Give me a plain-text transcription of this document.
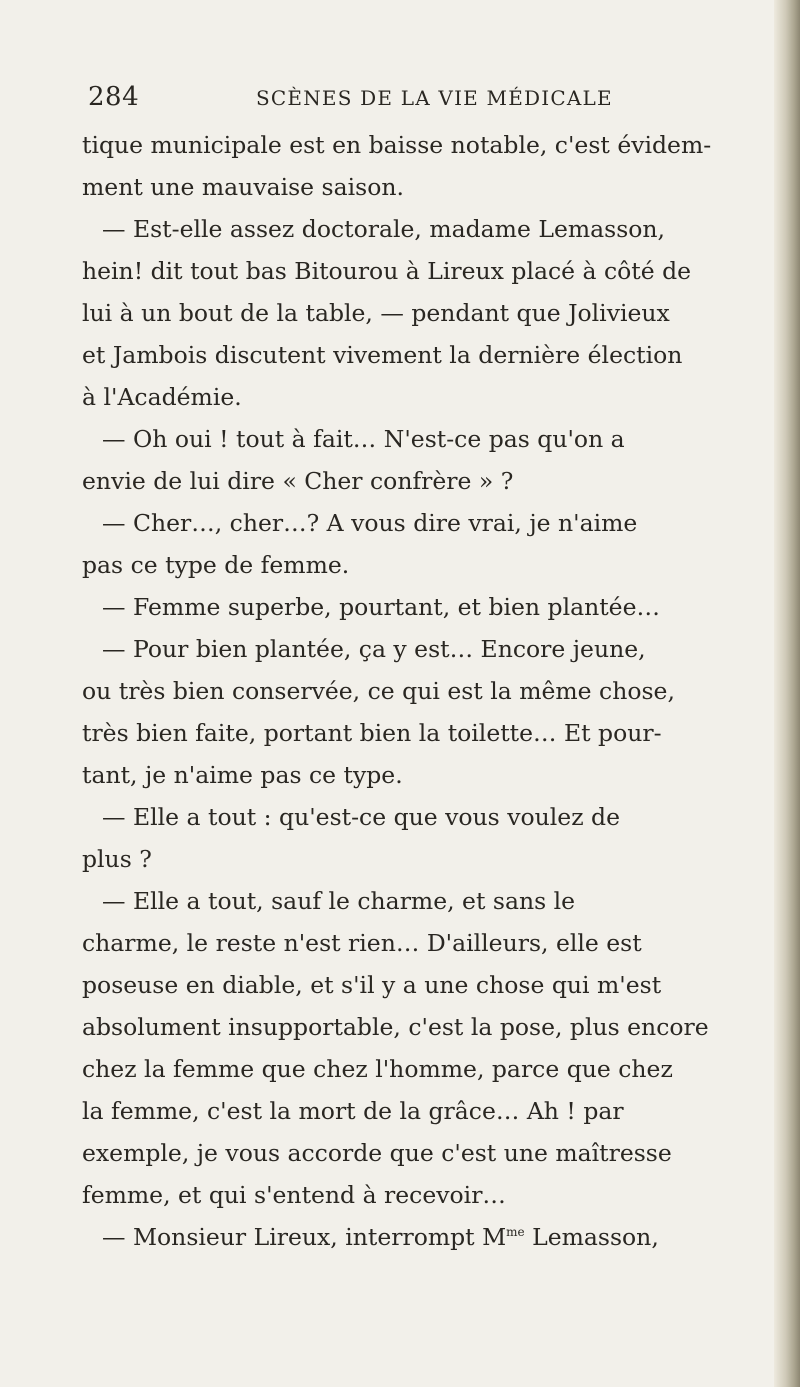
284	SCÈNES DE LA VIE MÉDICALE
tique municipale est en baisse notable, c'est évidem-
ment une mauvaise saison.
— Est-elle assez doctorale, madame Lemasson,
hein! dit tout bas Bitourou à Lireux placé à côté de
lui à un bout de la table, — pendant que Jolivieux
et Jambois discutent vivement la dernière élection
à l'Académie.
— Oh oui ! tout à fait… N'est-ce pas qu'on a
envie de lui dire « Cher confrère » ?
— Cher…, cher…? A vous dire vrai, je n'aime
pas ce type de femme.
— Femme superbe, pourtant, et bien plantée…
— Pour bien plantée, ça y est… Encore jeune,
ou très bien conservée, ce qui est la même chose,
très bien faite, portant bien la toilette… Et pour-
tant, je n'aime pas ce type.
— Elle a tout : qu'est-ce que vous voulez de
plus ?
— Elle a tout, sauf le charme, et sans le
charme, le reste n'est rien… D'ailleurs, elle est
poseuse en diable, et s'il y a une chose qui m'est
absolument insupportable, c'est la pose, plus encore
chez la femme que chez l'homme, parce que chez
la femme, c'est la mort de la grâce… Ah ! par
exemple, je vous accorde que c'est une maîtresse
femme, et qui s'entend à recevoir…
— Monsieur Lireux, interrompt $M^{me}$ Lemasson,
